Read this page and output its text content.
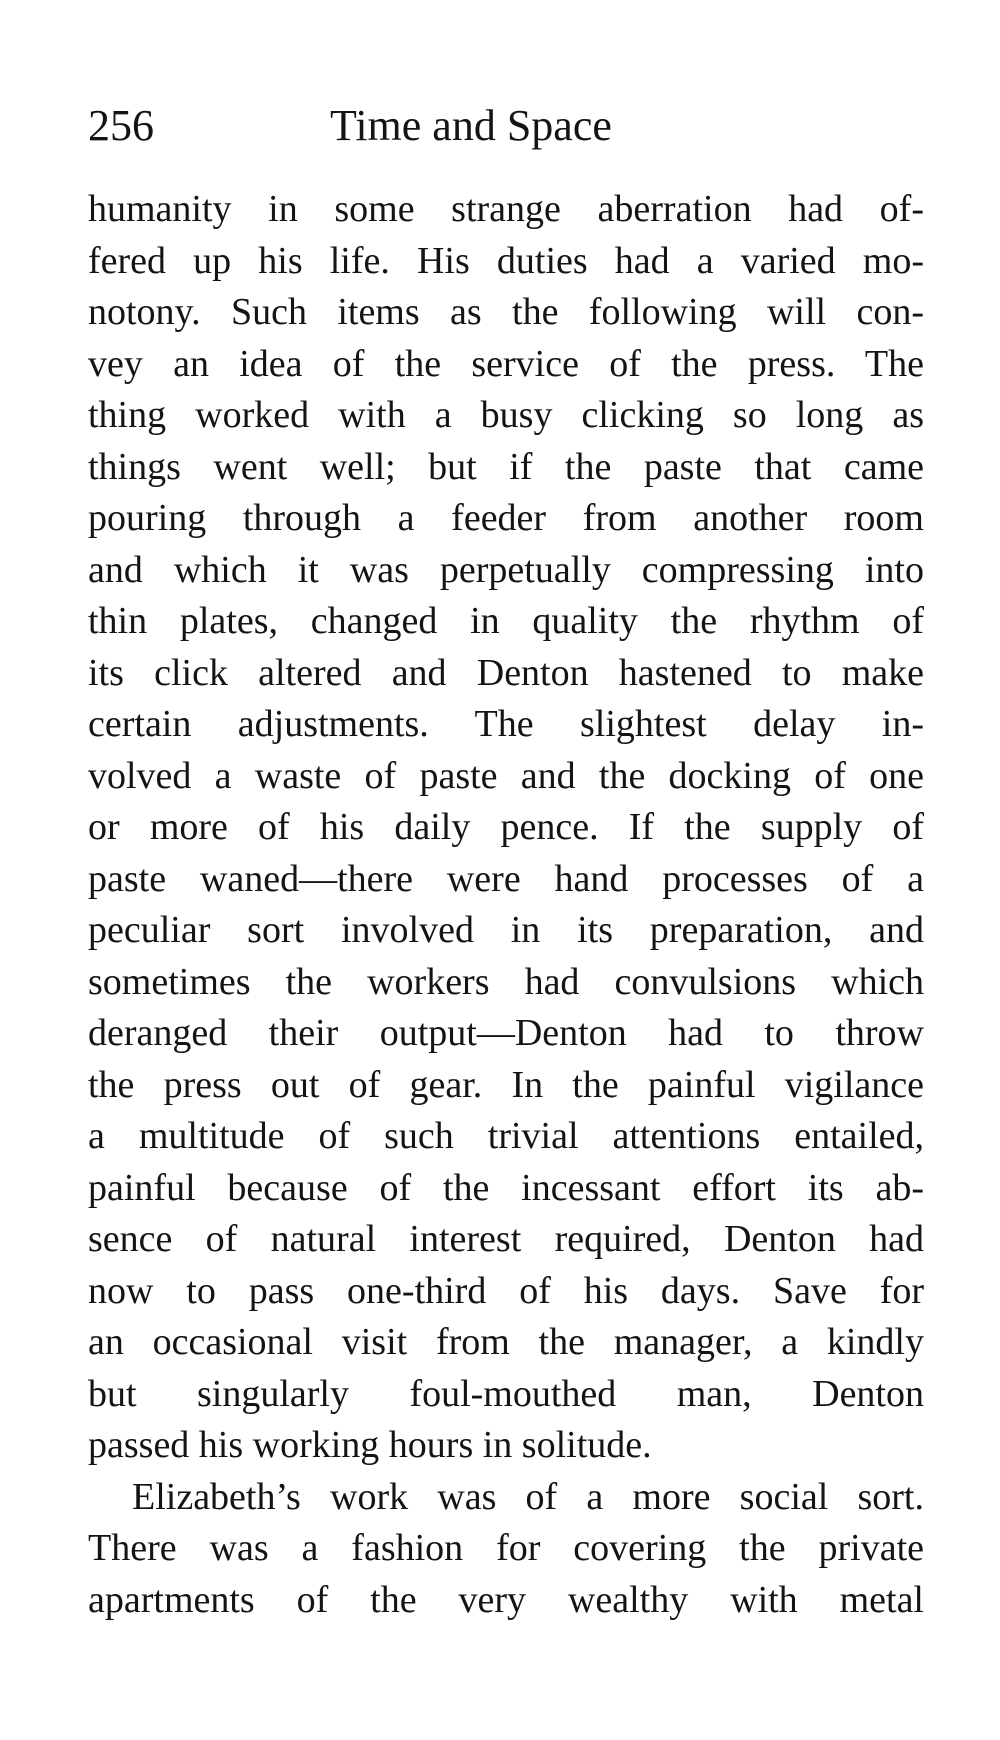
256	Time and Space
humanity in some strange aberration had of-
fered up his life. His duties had a varied mo-
notony. Such items as the following will con-
vey an idea of the service of the press. The
thing worked with a busy clicking so long as
things went well; but if the paste that came
pouring through a feeder from another room
and which it was perpetually compressing into
thin plates, changed in quality the rhythm of
its click altered and Denton hastened to make
certain adjustments. The slightest delay in-
volved a waste of paste and the docking of one
or more of his daily pence. If the supply of
paste waned—there were hand processes of a
peculiar sort involved in its preparation, and
sometimes the workers had convulsions which
deranged their output—Denton had to throw
the press out of gear. In the painful vigilance
a multitude of such trivial attentions entailed,
painful because of the incessant effort its ab-
sence of natural interest required, Denton had
now to pass one-third of his days. Save for
an occasional visit from the manager, a kindly
but singularly foul-mouthed man, Denton
passed his working hours in solitude.
Elizabeth’s work was of a more social sort.
There was a fashion for covering the private
apartments of the very wealthy with metal
